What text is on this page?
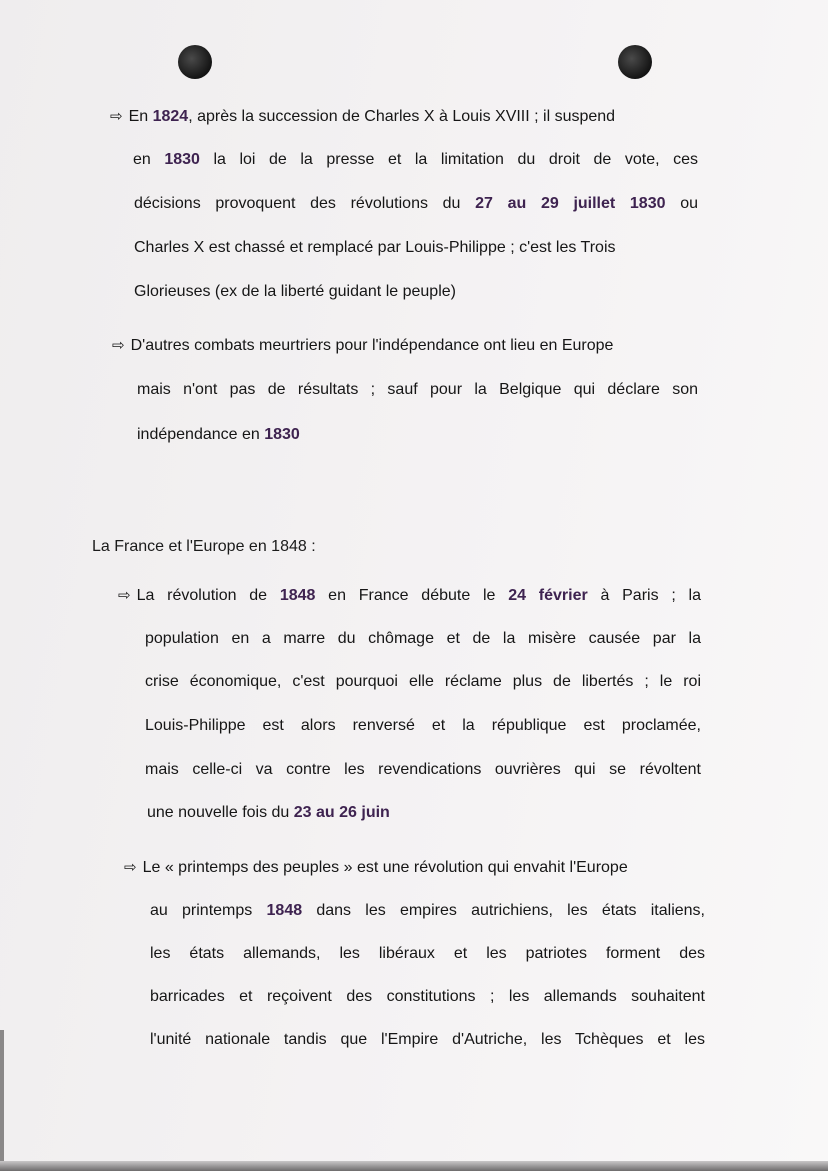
⇨ En 1824, après la succession de Charles X à Louis XVIII ; il suspend
en 1830 la loi de la presse et la limitation du droit de vote, ces
décisions provoquent des révolutions du 27 au 29 juillet 1830 ou
Charles X est chassé et remplacé par Louis-Philippe ; c'est les Trois
Glorieuses (ex de la liberté guidant le peuple)
⇨ D'autres combats meurtriers pour l'indépendance ont lieu en Europe
mais n'ont pas de résultats ; sauf pour la Belgique qui déclare son
indépendance en 1830
La France et l'Europe en 1848 :
⇨ La révolution de 1848 en France débute le 24 février à Paris ; la
population en a marre du chômage et de la misère causée par la
crise économique, c'est pourquoi elle réclame plus de libertés ; le roi
Louis-Philippe est alors renversé et la république est proclamée,
mais celle-ci va contre les revendications ouvrières qui se révoltent
une nouvelle fois du 23 au 26 juin
⇨ Le « printemps des peuples » est une révolution qui envahit l'Europe
au printemps 1848 dans les empires autrichiens, les états italiens,
les états allemands, les libéraux et les patriotes forment des
barricades et reçoivent des constitutions ; les allemands souhaitent
l'unité nationale tandis que l'Empire d'Autriche, les Tchèques et les
